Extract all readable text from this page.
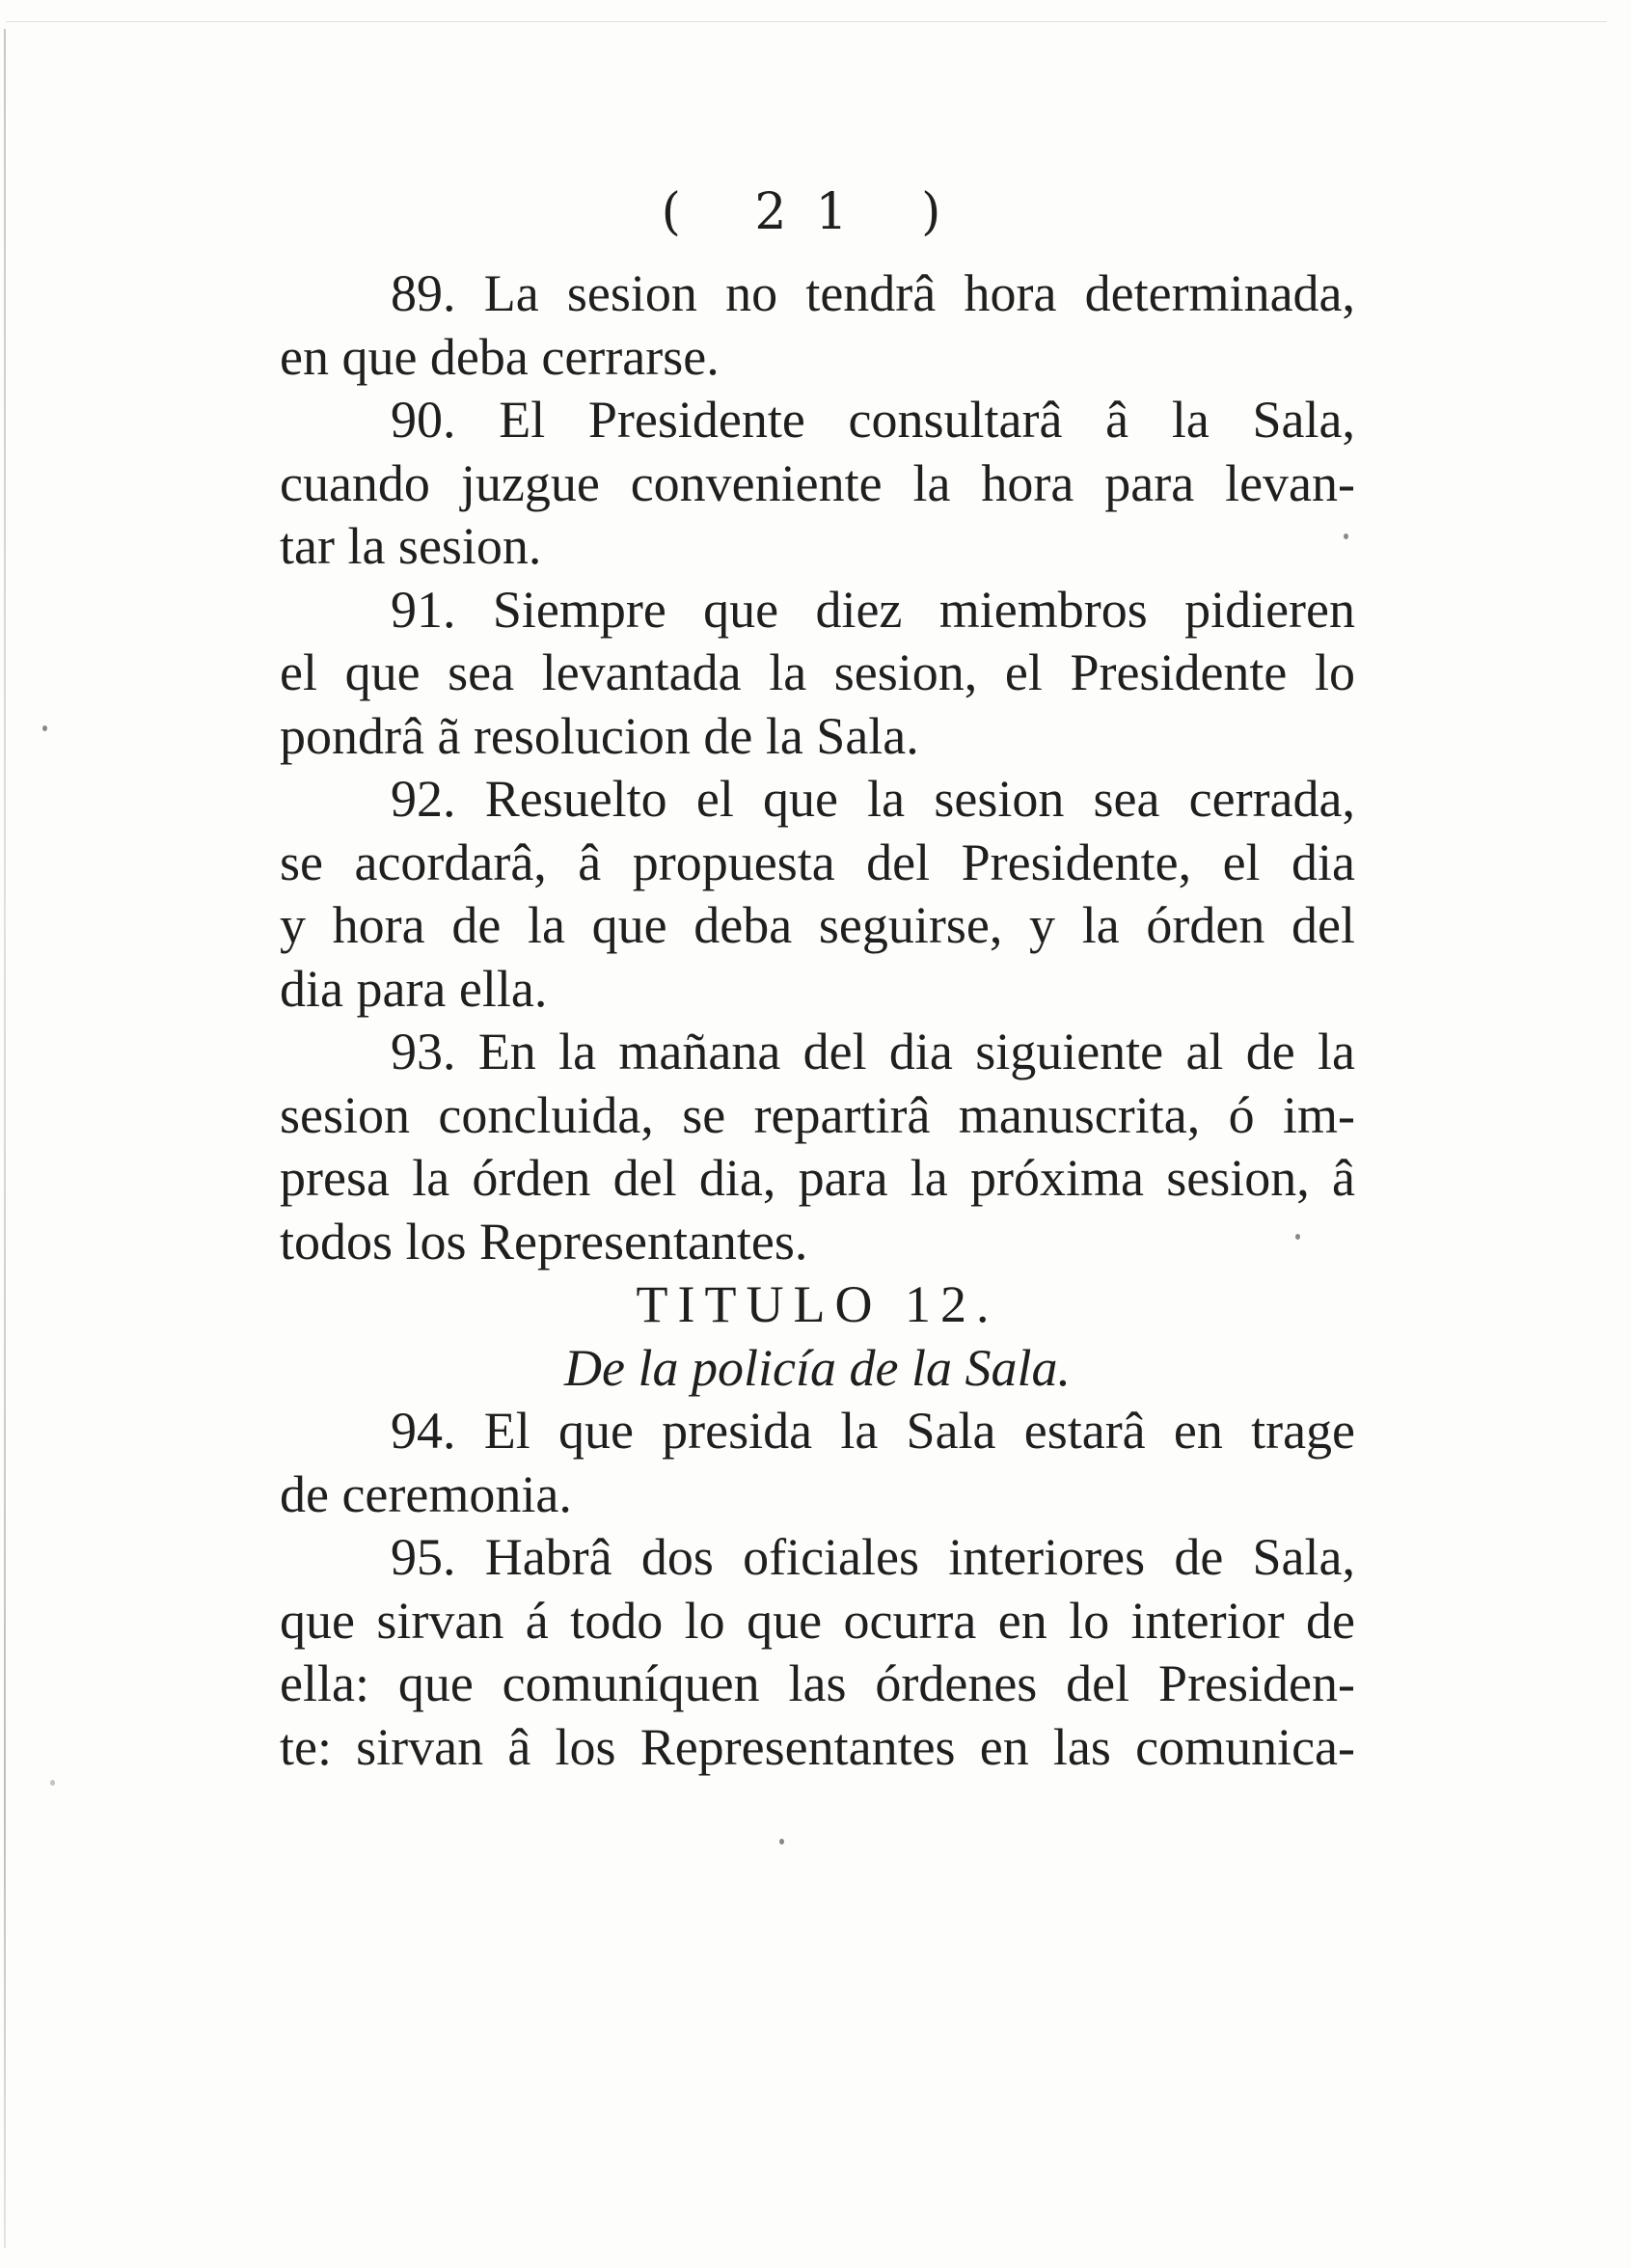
( 21 )
89. La sesion no tendrâ hora determinada,
en que deba cerrarse.
90. El Presidente consultarâ â la Sala,
cuando juzgue conveniente la hora para levan-
tar la sesion.
91. Siempre que diez miembros pidieren
el que sea levantada la sesion, el Presidente lo
pondrâ ã resolucion de la Sala.
92. Resuelto el que la sesion sea cerrada,
se acordarâ, â propuesta del Presidente, el dia
y hora de la que deba seguirse, y la órden del
dia para ella.
93. En la mañana del dia siguiente al de la
sesion concluida, se repartirâ manuscrita, ó im-
presa la órden del dia, para la próxima sesion, â
todos los Representantes.
TITULO 12.
De la policía de la Sala.
94. El que presida la Sala estarâ en trage
de ceremonia.
95. Habrâ dos oficiales interiores de Sala,
que sirvan á todo lo que ocurra en lo interior de
ella: que comuníquen las órdenes del Presiden-
te: sirvan â los Representantes en las comunica-
